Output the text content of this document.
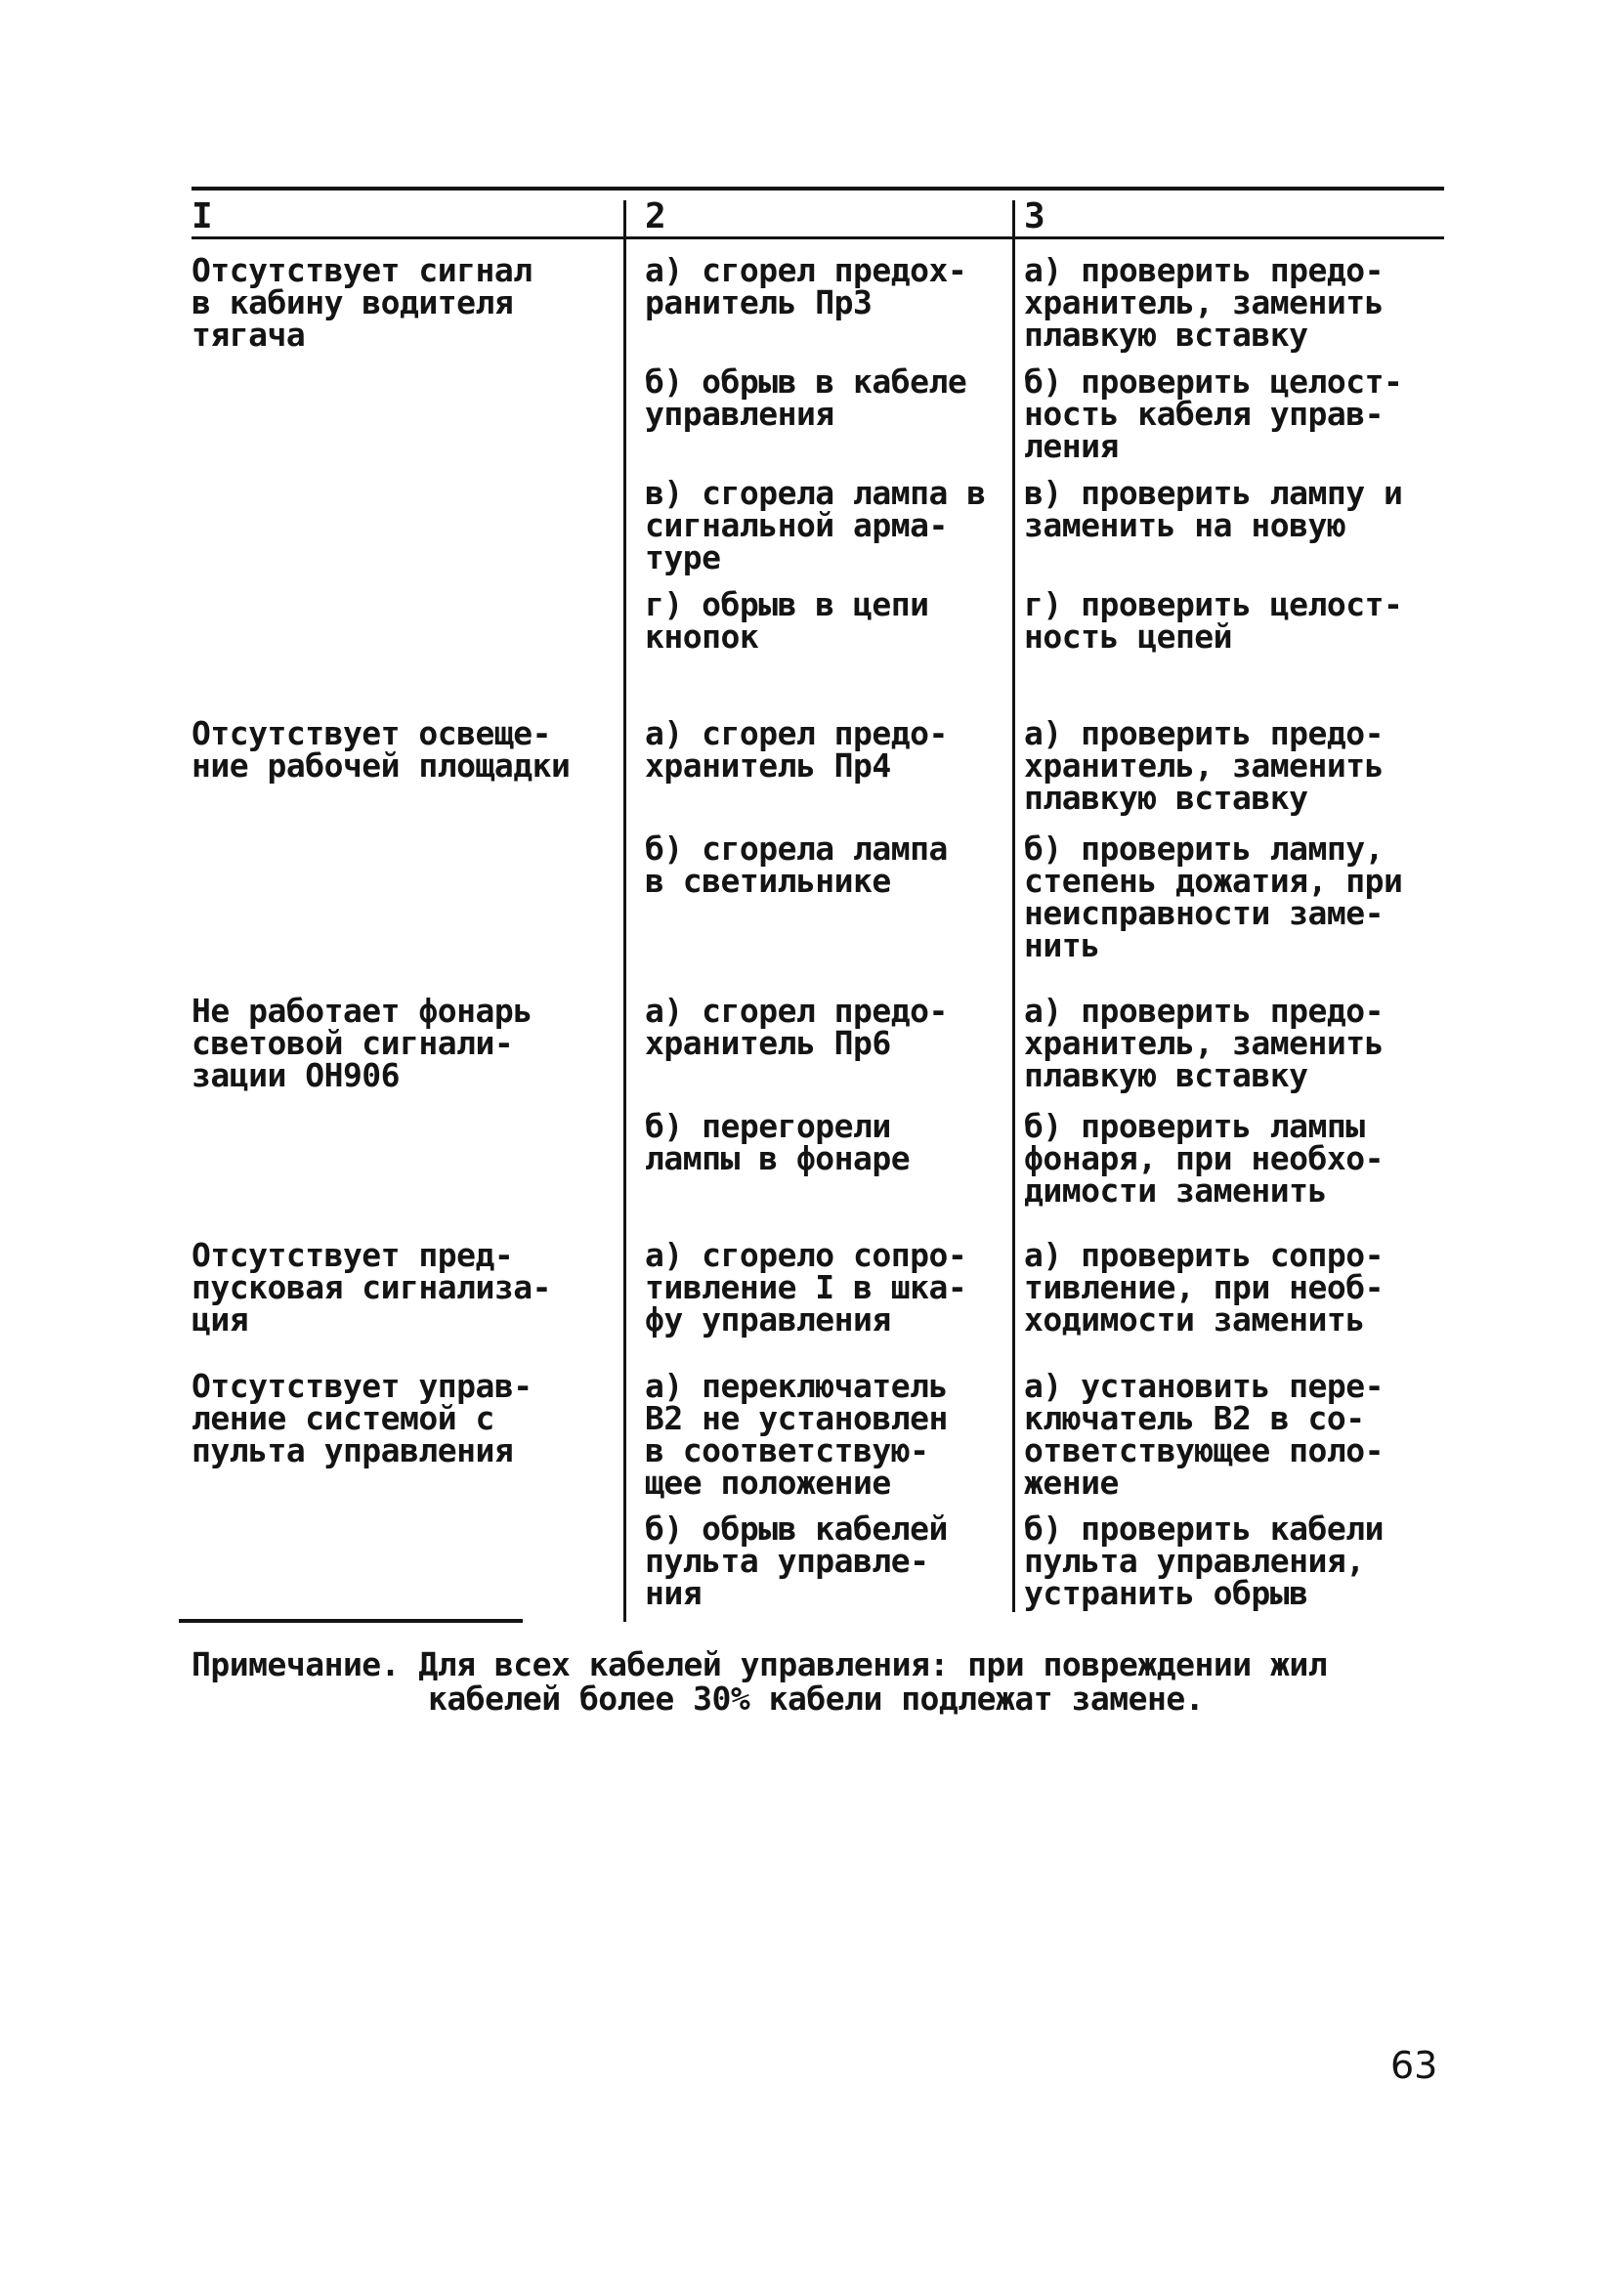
I	2	3
Отсутствует сигнал
в кабину водителя
тягача
а) сгорел предох-
ранитель Пр3
а) проверить предо-
хранитель, заменить
плавкую вставку
б) обрыв в кабеле
управления
б) проверить целост-
ность кабеля управ-
ления
в) сгорела лампа в
сигнальной арма-
туре
в) проверить лампу и
заменить на новую
г) обрыв в цепи
кнопок
г) проверить целост-
ность цепей
Отсутствует освеще-
ние рабочей площадки
а) сгорел предо-
хранитель Пр4
а) проверить предо-
хранитель, заменить
плавкую вставку
б) сгорела лампа
в светильнике
б) проверить лампу,
степень дожатия, при
неисправности заме-
нить
Не работает фонарь
световой сигнали-
зации ОН906
а) сгорел предо-
хранитель Пр6
а) проверить предо-
хранитель, заменить
плавкую вставку
б) перегорели
лампы в фонаре
б) проверить лампы
фонаря, при необхо-
димости заменить
Отсутствует пред-
пусковая сигнализа-
ция
а) сгорело сопро-
тивление I в шка-
фу управления
а) проверить сопро-
тивление, при необ-
ходимости заменить
Отсутствует управ-
ление системой с
пульта управления
а) переключатель
В2 не установлен
в соответствую-
щее положение
а) установить пере-
ключатель В2 в со-
ответствующее поло-
жение
б) обрыв кабелей
пульта управле-
ния
б) проверить кабели
пульта управления,
устранить обрыв
Примечание. Для всех кабелей управления: при повреждении жил
кабелей более 30% кабели подлежат замене.
63
